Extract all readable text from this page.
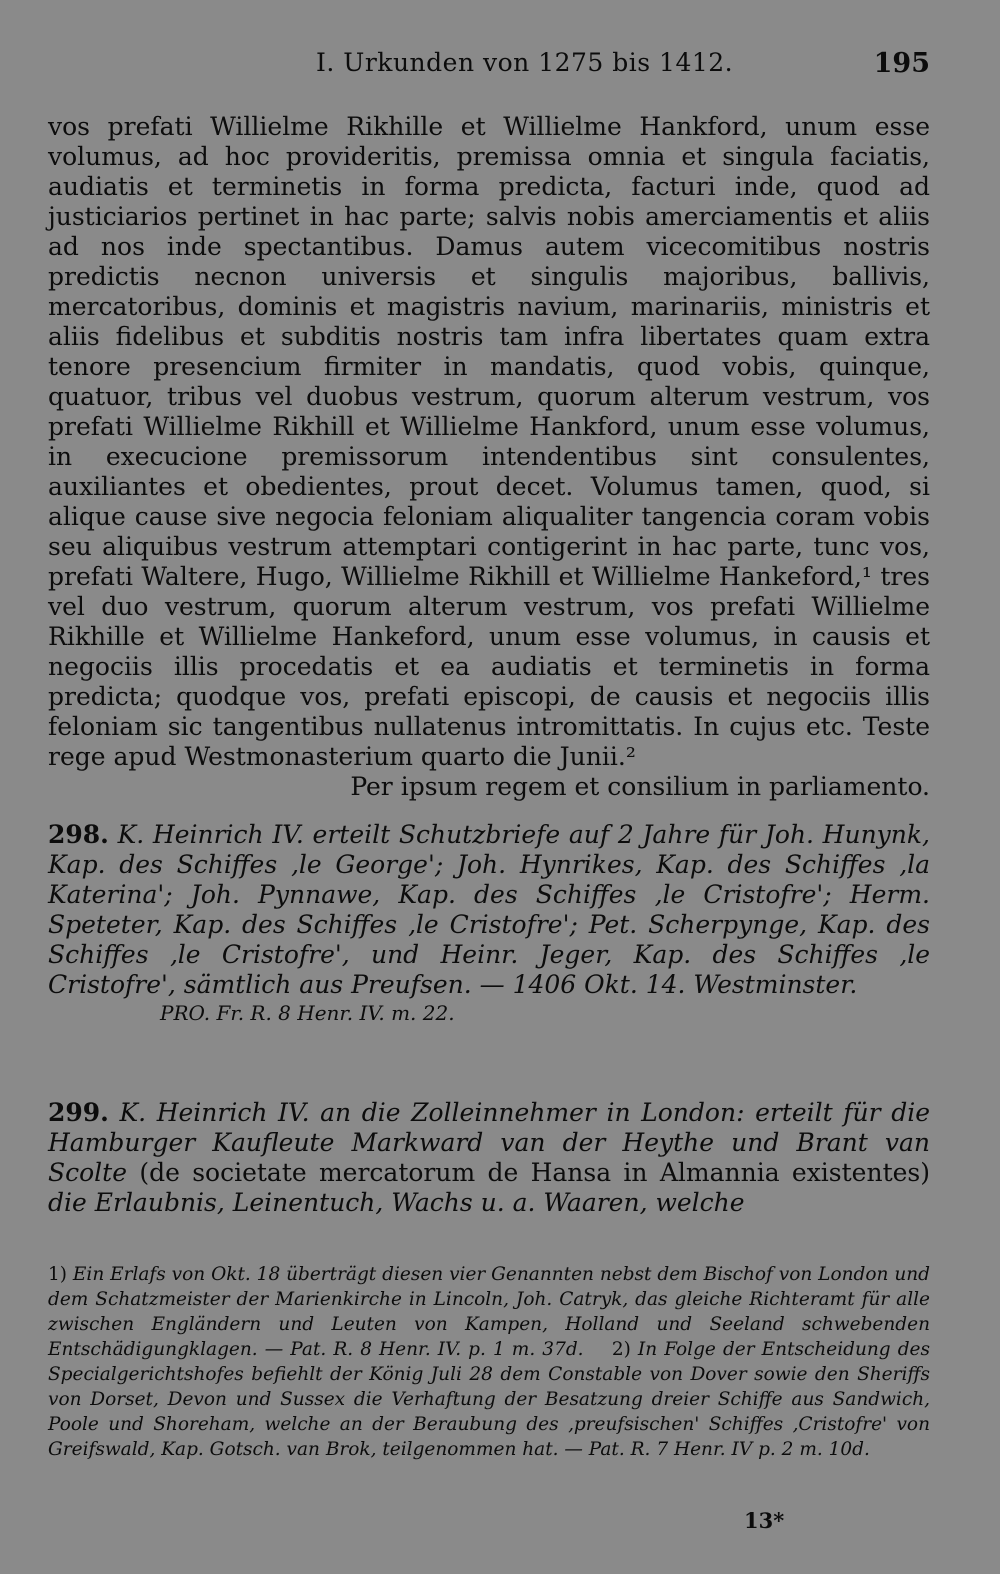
I. Urkunden von 1275 bis 1412.	195

vos prefati Willielme Rikhille et Willielme Hankford, unum esse volumus, ad hoc provideritis, premissa omnia et singula faciatis, audiatis et terminetis in forma predicta, facturi inde, quod ad justiciarios pertinet in hac parte; salvis nobis amerciamentis et aliis ad nos inde spectantibus. Damus autem vicecomitibus nostris predictis necnon universis et singulis majoribus, ballivis, mercatoribus, dominis et magistris navium, marinariis, ministris et aliis fidelibus et subditis nostris tam infra libertates quam extra tenore presencium firmiter in mandatis, quod vobis, quinque, quatuor, tribus vel duobus vestrum, quorum alterum vestrum, vos prefati Willielme Rikhill et Willielme Hankford, unum esse volumus, in execucione premissorum intendentibus sint consulentes, auxiliantes et obedientes, prout decet. Volumus tamen, quod, si alique cause sive negocia feloniam aliqualiter tangencia coram vobis seu aliquibus vestrum attemptari contigerint in hac parte, tunc vos, prefati Waltere, Hugo, Willielme Rikhill et Willielme Hankeford,¹ tres vel duo vestrum, quorum alterum vestrum, vos prefati Willielme Rikhille et Willielme Hankeford, unum esse volumus, in causis et negociis illis procedatis et ea audiatis et terminetis in forma predicta; quodque vos, prefati episcopi, de causis et negociis illis feloniam sic tangentibus nullatenus intromittatis. In cujus etc. Teste rege apud Westmonasterium quarto die Junii.²

Per ipsum regem et consilium in parliamento.

298. K. Heinrich IV. erteilt Schutzbriefe auf 2 Jahre für Joh. Hunynk, Kap. des Schiffes ‚le George'; Joh. Hynrikes, Kap. des Schiffes ‚la Katerina'; Joh. Pynnawe, Kap. des Schiffes ‚le Cristofre'; Herm. Speteter, Kap. des Schiffes ‚le Cristofre'; Pet. Scherpynge, Kap. des Schiffes ‚le Cristofre', und Heinr. Jeger, Kap. des Schiffes ‚le Cristofre', sämtlich aus Preufsen. — 1406 Okt. 14. Westminster.

PRO. Fr. R. 8 Henr. IV. m. 22.

299. K. Heinrich IV. an die Zolleinnehmer in London: erteilt für die Hamburger Kaufleute Markward van der Heythe und Brant van Scolte (de societate mercatorum de Hansa in Almannia existentes) die Erlaubnis, Leinentuch, Wachs u. a. Waaren, welche

1) Ein Erlafs von Okt. 18 überträgt diesen vier Genannten nebst dem Bischof von London und dem Schatzmeister der Marienkirche in Lincoln, Joh. Catryk, das gleiche Richteramt für alle zwischen Engländern und Leuten von Kampen, Holland und Seeland schwebenden Entschädigungklagen. — Pat. R. 8 Henr. IV. p. 1 m. 37d. 2) In Folge der Entscheidung des Specialgerichtshofes befiehlt der König Juli 28 dem Constable von Dover sowie den Sheriffs von Dorset, Devon und Sussex die Verhaftung der Besatzung dreier Schiffe aus Sandwich, Poole und Shoreham, welche an der Beraubung des ‚preufsischen' Schiffes ‚Cristofre' von Greifswald, Kap. Gotsch. van Brok, teilgenommen hat. — Pat. R. 7 Henr. IV p. 2 m. 10d.

13*
